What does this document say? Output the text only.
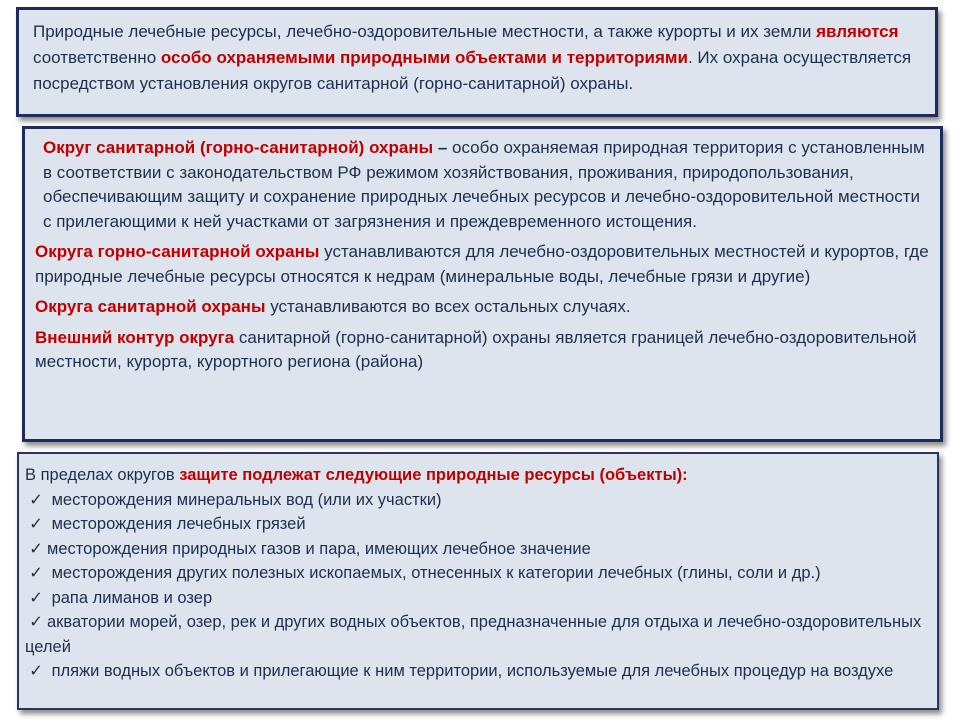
Природные лечебные ресурсы, лечебно-оздоровительные местности, а также курорты и их земли являются соответственно особо охраняемыми природными объектами и территориями. Их охрана осуществляется посредством установления округов санитарной (горно-санитарной) охраны.

Округ санитарной (горно-санитарной) охраны – особо охраняемая природная территория с установленным в соответствии с законодательством РФ режимом хозяйствования, проживания, природопользования, обеспечивающим защиту и сохранение природных лечебных ресурсов и лечебно-оздоровительной местности с прилегающими к ней участками от загрязнения и преждевременного истощения.

Округа горно-санитарной охраны устанавливаются для лечебно-оздоровительных местностей и курортов, где природные лечебные ресурсы относятся к недрам (минеральные воды, лечебные грязи и другие)

Округа санитарной охраны устанавливаются во всех остальных случаях.

Внешний контур округа санитарной (горно-санитарной) охраны является границей лечебно-оздоровительной местности, курорта, курортного региона (района)

В пределах округов защите подлежат следующие природные ресурсы (объекты):

✓ месторождения минеральных вод (или их участки)

✓ месторождения лечебных грязей

✓ месторождения природных газов и пара, имеющих лечебное значение

✓ месторождения других полезных ископаемых, отнесенных к категории лечебных (глины, соли и др.)

✓ рапа лиманов и озер

✓ акватории морей, озер, рек и других водных объектов, предназначенные для отдыха и лечебно-оздоровительных целей

✓ пляжи водных объектов и прилегающие к ним территории, используемые для лечебных процедур на воздухе
